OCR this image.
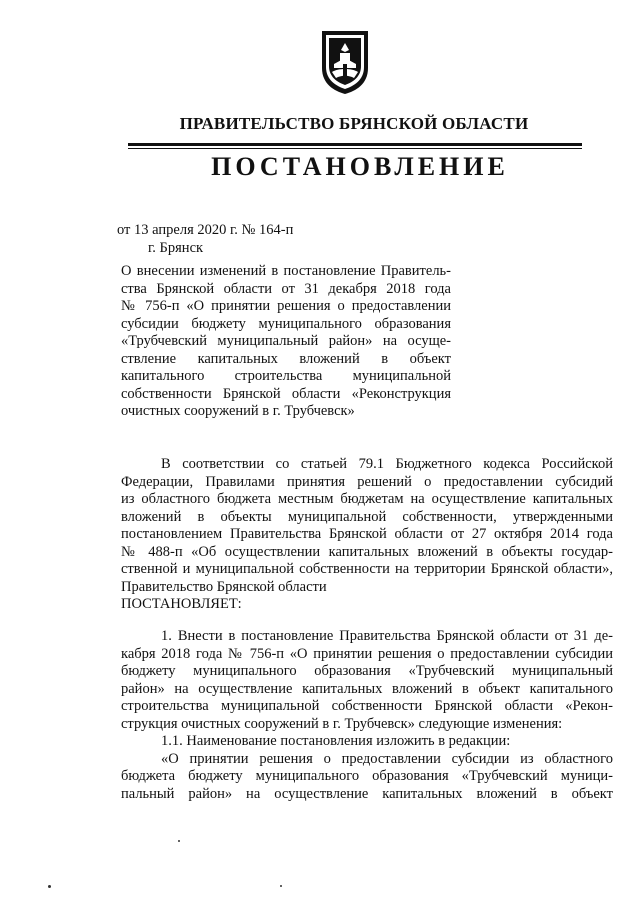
ПРАВИТЕЛЬСТВО БРЯНСКОЙ ОБЛАСТИ
ПОСТАНОВЛЕНИЕ
от 13 апреля 2020 г. № 164-п
г. Брянск
О внесении изменений в постановление Правитель-
ства Брянской области от 31 декабря 2018 года
№ 756-п «О принятии решения о предоставлении
субсидии бюджету муниципального образования
«Трубчевский муниципальный район» на осуще-
ствление капитальных вложений в объект
капитального строительства муниципальной
собственности Брянской области «Реконструкция
очистных сооружений в г. Трубчевск»
В соответствии со статьей 79.1 Бюджетного кодекса Российской
Федерации, Правилами принятия решений о предоставлении субсидий
из областного бюджета местным бюджетам на осуществление капитальных
вложений в объекты муниципальной собственности, утвержденными
постановлением Правительства Брянской области от 27 октября 2014 года
№ 488-п «Об осуществлении капитальных вложений в объекты государ-
ственной и муниципальной собственности на территории Брянской области»,
Правительство Брянской области
ПОСТАНОВЛЯЕТ:
1. Внести в постановление Правительства Брянской области от 31 де-
кабря 2018 года № 756-п «О принятии решения о предоставлении субсидии
бюджету муниципального образования «Трубчевский муниципальный
район» на осуществление капитальных вложений в объект капитального
строительства муниципальной собственности Брянской области «Рекон-
струкция очистных сооружений в г. Трубчевск» следующие изменения:
1.1. Наименование постановления изложить в редакции:
«О принятии решения о предоставлении субсидии из областного
бюджета бюджету муниципального образования «Трубчевский муници-
пальный район» на осуществление капитальных вложений в объект
